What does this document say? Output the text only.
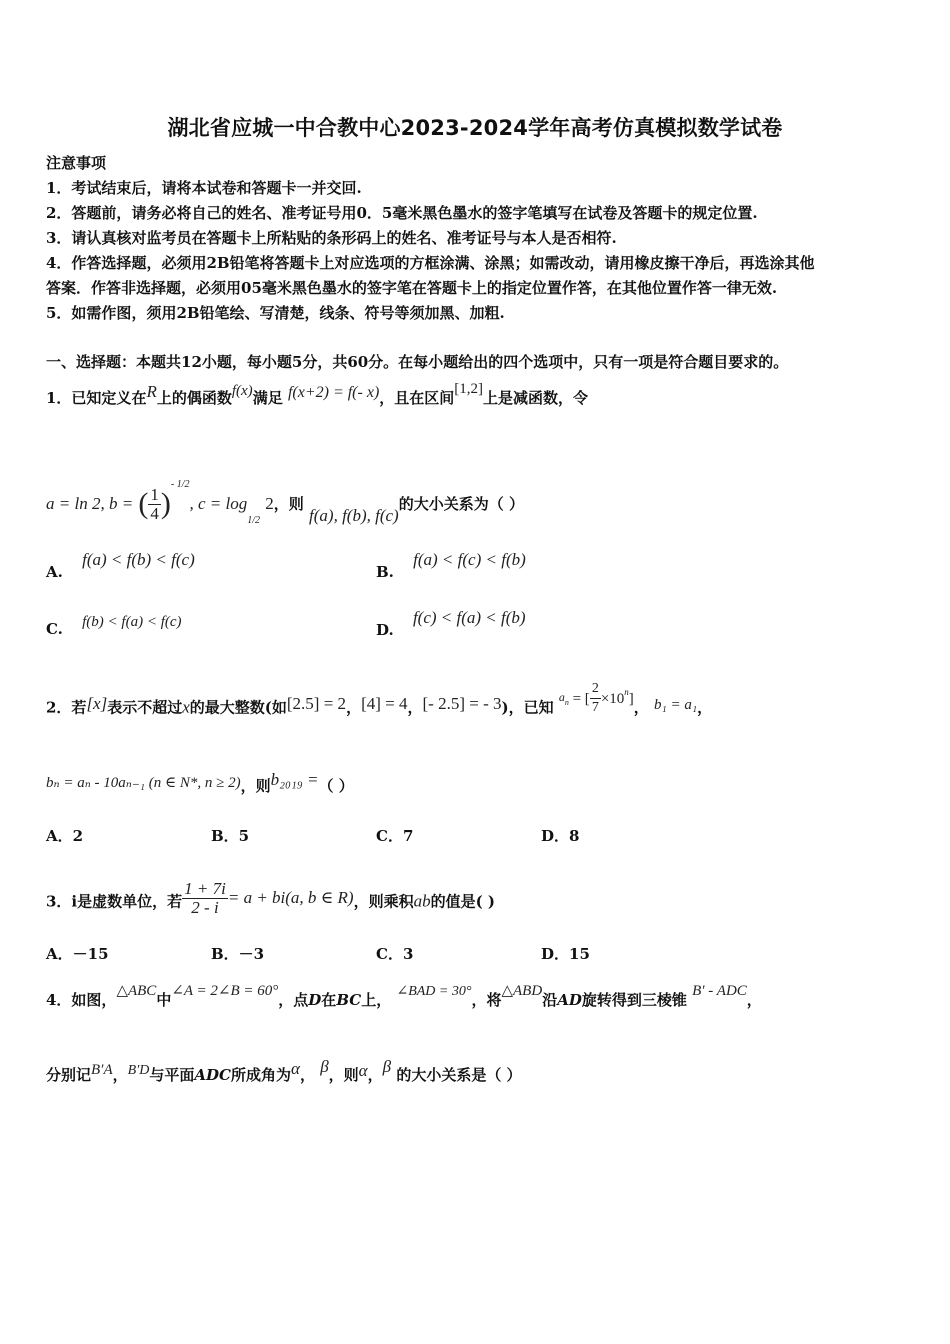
湖北省应城一中合教中心2023-2024学年高考仿真模拟数学试卷
注意事项
1．考试结束后，请将本试卷和答题卡一并交回.
2．答题前，请务必将自己的姓名、准考证号用0．5毫米黑色墨水的签字笔填写在试卷及答题卡的规定位置.
3．请认真核对监考员在答题卡上所粘贴的条形码上的姓名、准考证号与本人是否相符.
4．作答选择题，必须用2B铅笔将答题卡上对应选项的方框涂满、涂黑；如需改动，请用橡皮擦干净后，再选涂其他
答案．作答非选择题，必须用05毫米黑色墨水的签字笔在答题卡上的指定位置作答，在其他位置作答一律无效.
5．如需作图，须用2B铅笔绘、写清楚，线条、符号等须加黑、加粗.
一、选择题：本题共12小题，每小题5分，共60分。在每小题给出的四个选项中，只有一项是符合题目要求的。
1．已知定义在R上的偶函数f(x)满足 f(x+2) = f(- x)，且在区间[1,2]上是减函数，令
a = ln 2, b = ( $\frac{1}{4} )^{- 1/2}$, $c = \log_{1/2} 2$，则 f(a), f(b), f(c)的大小关系为（ ）
A. f(a) < f(b) < f(c)
B. f(a) < f(c) < f(b)
C. f(b) < f(a) < f(c)	D. f(c) < f(a) < f(b)
2．若[x]表示不超过x的最大整数(如[2.5] = 2，[4] = 4，[- 2.5] = - 3)，已知 $^{an}$ = [ $\frac{2}{7} \times 10^n$]， b₁ = a₁，
bₙ = aₙ - 10aₙ₋₁ (n ∈ N*, n ≥ 2)，则b₂₀₁₉ =（ ）
A．2	B．5	C．7	D．8
3．i是虚数单位，若 $\frac{1 + 7i}{2 - i} = a + bi(a$, b ∈ R)，则乘积ab的值是( )
A．－15	B．－3	C．3	D．15
4．如图，△ABC中∠A = 2∠B = 60°，点D在BC上， ∠BAD = 30°，将△ABD沿AD旋转得到三棱锥 B′ - ADC，
分别记B′A，B′D与平面ADC所成角为α， β，则α，β 的大小关系是（ ）
